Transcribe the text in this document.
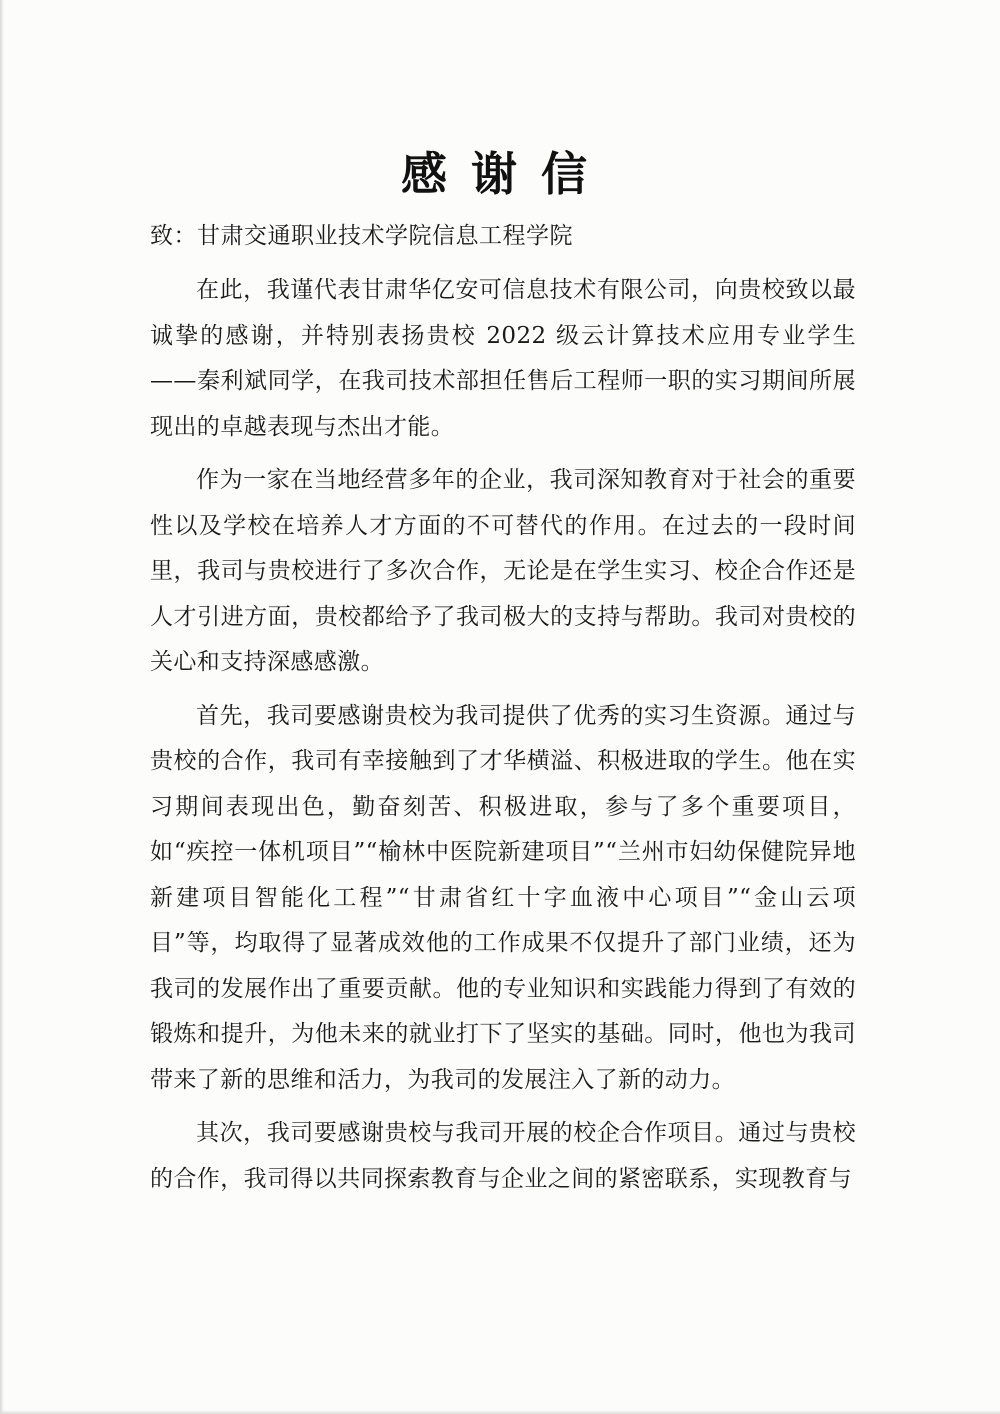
感谢信
致：甘肃交通职业技术学院信息工程学院

在此，我谨代表甘肃华亿安可信息技术有限公司，向贵校致以最诚挚的感谢，并特别表扬贵校 2022 级云计算技术应用专业学生——秦利斌同学，在我司技术部担任售后工程师一职的实习期间所展现出的卓越表现与杰出才能。

作为一家在当地经营多年的企业，我司深知教育对于社会的重要性以及学校在培养人才方面的不可替代的作用。在过去的一段时间里，我司与贵校进行了多次合作，无论是在学生实习、校企合作还是人才引进方面，贵校都给予了我司极大的支持与帮助。我司对贵校的关心和支持深感感激。

首先，我司要感谢贵校为我司提供了优秀的实习生资源。通过与贵校的合作，我司有幸接触到了才华横溢、积极进取的学生。他在实习期间表现出色，勤奋刻苦、积极进取，参与了多个重要项目，如“疾控一体机项目”“榆林中医院新建项目”“兰州市妇幼保健院异地新建项目智能化工程”“甘肃省红十字血液中心项目”“金山云项目”等，均取得了显著成效他的工作成果不仅提升了部门业绩，还为我司的发展作出了重要贡献。他的专业知识和实践能力得到了有效的锻炼和提升，为他未来的就业打下了坚实的基础。同时，他也为我司带来了新的思维和活力，为我司的发展注入了新的动力。

其次，我司要感谢贵校与我司开展的校企合作项目。通过与贵校的合作，我司得以共同探索教育与企业之间的紧密联系，实现教育与
